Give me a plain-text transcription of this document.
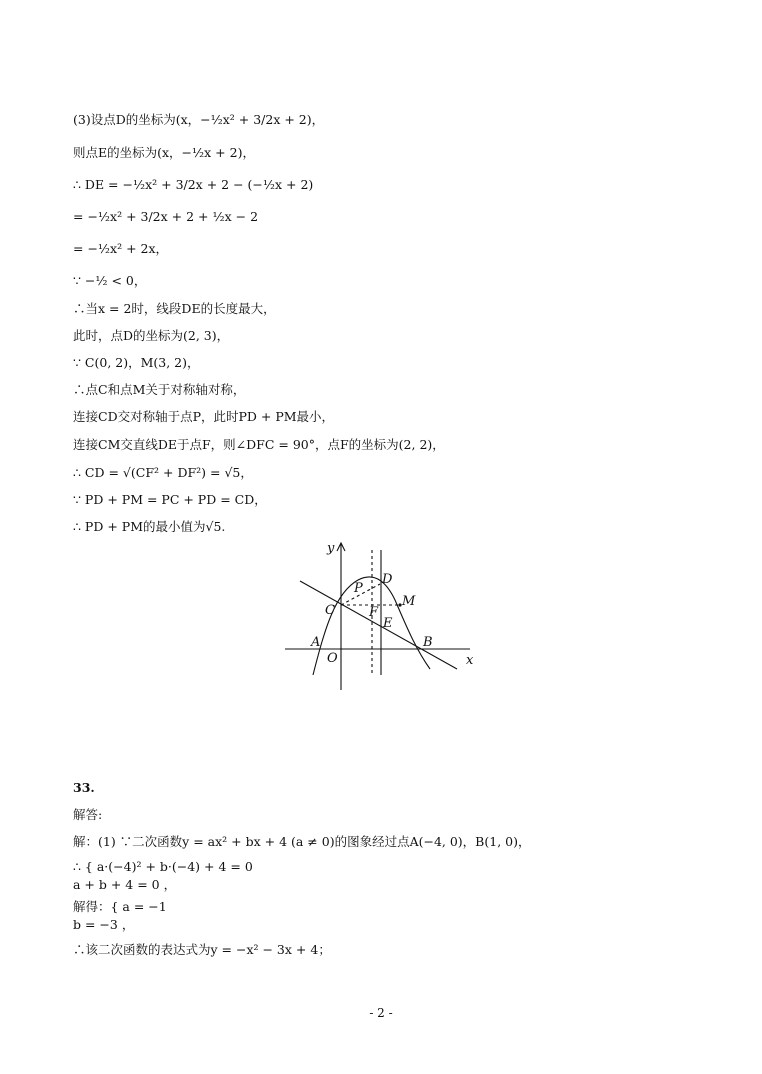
(3)设点D的坐标为(x，−½x² + 3/2x + 2)，
则点E的坐标为(x，−½x + 2)，
∴ DE = −½x² + 3/2x + 2 − (−½x + 2)
= −½x² + 3/2x + 2 + ½x − 2
= −½x² + 2x，
∵ −½ < 0，
∴当x = 2时，线段DE的长度最大，
此时，点D的坐标为(2, 3)，
∵ C(0, 2)，M(3, 2)，
∴点C和点M关于对称轴对称，
连接CD交对称轴于点P，此时PD + PM最小，
连接CM交直线DE于点F，则∠DFC = 90°，点F的坐标为(2, 2)，
∴ CD = √(CF² + DF²) = √5，
∵ PD + PM = PC + PD = CD，
∴ PD + PM的最小值为√5.
y
x
O
A	B
C
D
E
F
M
P
33.
解答:
解：(1) ∵二次函数y = ax² + bx + 4 (a ≠ 0)的图象经过点A(−4, 0)，B(1, 0)，
∴ { a·(−4)² + b·(−4) + 4 = 0
a + b + 4 = 0 ，
解得：{ a = −1
b = −3 ，
∴该二次函数的表达式为y = −x² − 3x + 4；
- 2 -
